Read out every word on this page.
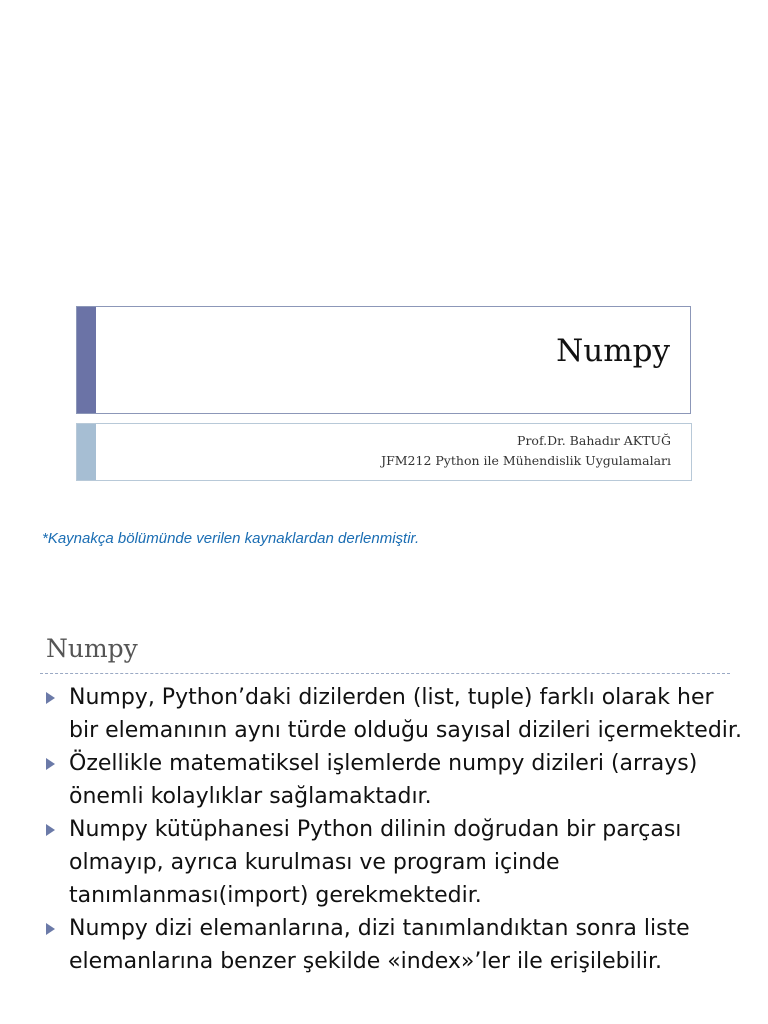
Numpy
Prof.Dr. Bahadır AKTUĞ
JFM212 Python ile Mühendislik Uygulamaları
*Kaynakça bölümünde verilen kaynaklardan derlenmiştir.
Numpy
Numpy, Python’daki dizilerden (list, tuple) farklı olarak her bir elemanının aynı türde olduğu sayısal dizileri içermektedir.
Özellikle matematiksel işlemlerde numpy dizileri (arrays) önemli kolaylıklar sağlamaktadır.
Numpy kütüphanesi Python dilinin doğrudan bir parçası olmayıp, ayrıca kurulması ve program içinde tanımlanması(import) gerekmektedir.
Numpy dizi elemanlarına, dizi tanımlandıktan sonra liste elemanlarına benzer şekilde «index»’ler ile erişilebilir.
